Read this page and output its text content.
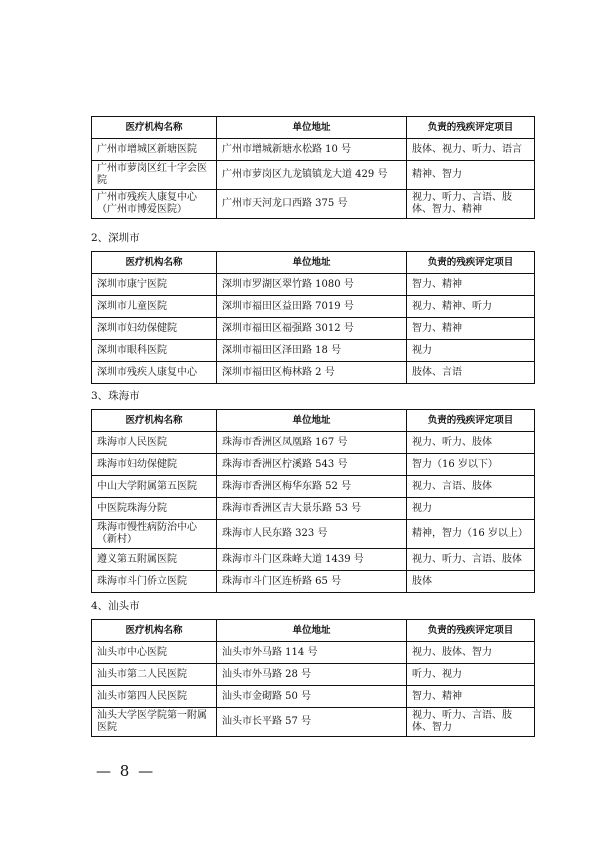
医疗机构名称	单位地址	负责的残疾评定项目
广州市增城区新塘医院	广州市增城新塘水松路 10 号	肢体、视力、听力、语言
广州市萝岗区红十字会医院	广州市萝岗区九龙镇镇龙大道 429 号	精神、智力
广州市残疾人康复中心（广州市博爱医院）	广州市天河龙口西路 375 号	视力、听力、言语、肢体、智力、精神
2、深圳市
医疗机构名称	单位地址	负责的残疾评定项目
深圳市康宁医院	深圳市罗湖区翠竹路 1080 号	智力、精神
深圳市儿童医院	深圳市福田区益田路 7019 号	视力、精神、听力
深圳市妇幼保健院	深圳市福田区福强路 3012 号	智力、精神
深圳市眼科医院	深圳市福田区泽田路 18 号	视力
深圳市残疾人康复中心	深圳市福田区梅林路 2 号	肢体、言语
3、珠海市
医疗机构名称	单位地址	负责的残疾评定项目
珠海市人民医院	珠海市香洲区凤凰路 167 号	视力、听力、肢体
珠海市妇幼保健院	珠海市香洲区柠溪路 543 号	智力（16 岁以下）
中山大学附属第五医院	珠海市香洲区梅华东路 52 号	视力、言语、肢体
中医院珠海分院	珠海市香洲区吉大景乐路 53 号	视力
珠海市慢性病防治中心（新村）	珠海市人民东路 323 号	精神，智力（16 岁以上）
遵义第五附属医院	珠海市斗门区珠峰大道 1439 号	视力、听力、言语、肢体
珠海市斗门侨立医院	珠海市斗门区连桥路 65 号	肢体
4、汕头市
医疗机构名称	单位地址	负责的残疾评定项目
汕头市中心医院	汕头市外马路 114 号	视力、肢体、智力
汕头市第二人民医院	汕头市外马路 28 号	听力、视力
汕头市第四人民医院	汕头市金砌路 50 号	智力、精神
汕头大学医学院第一附属医院	汕头市长平路 57 号	视力、听力、言语、肢体、智力
— 8 —
